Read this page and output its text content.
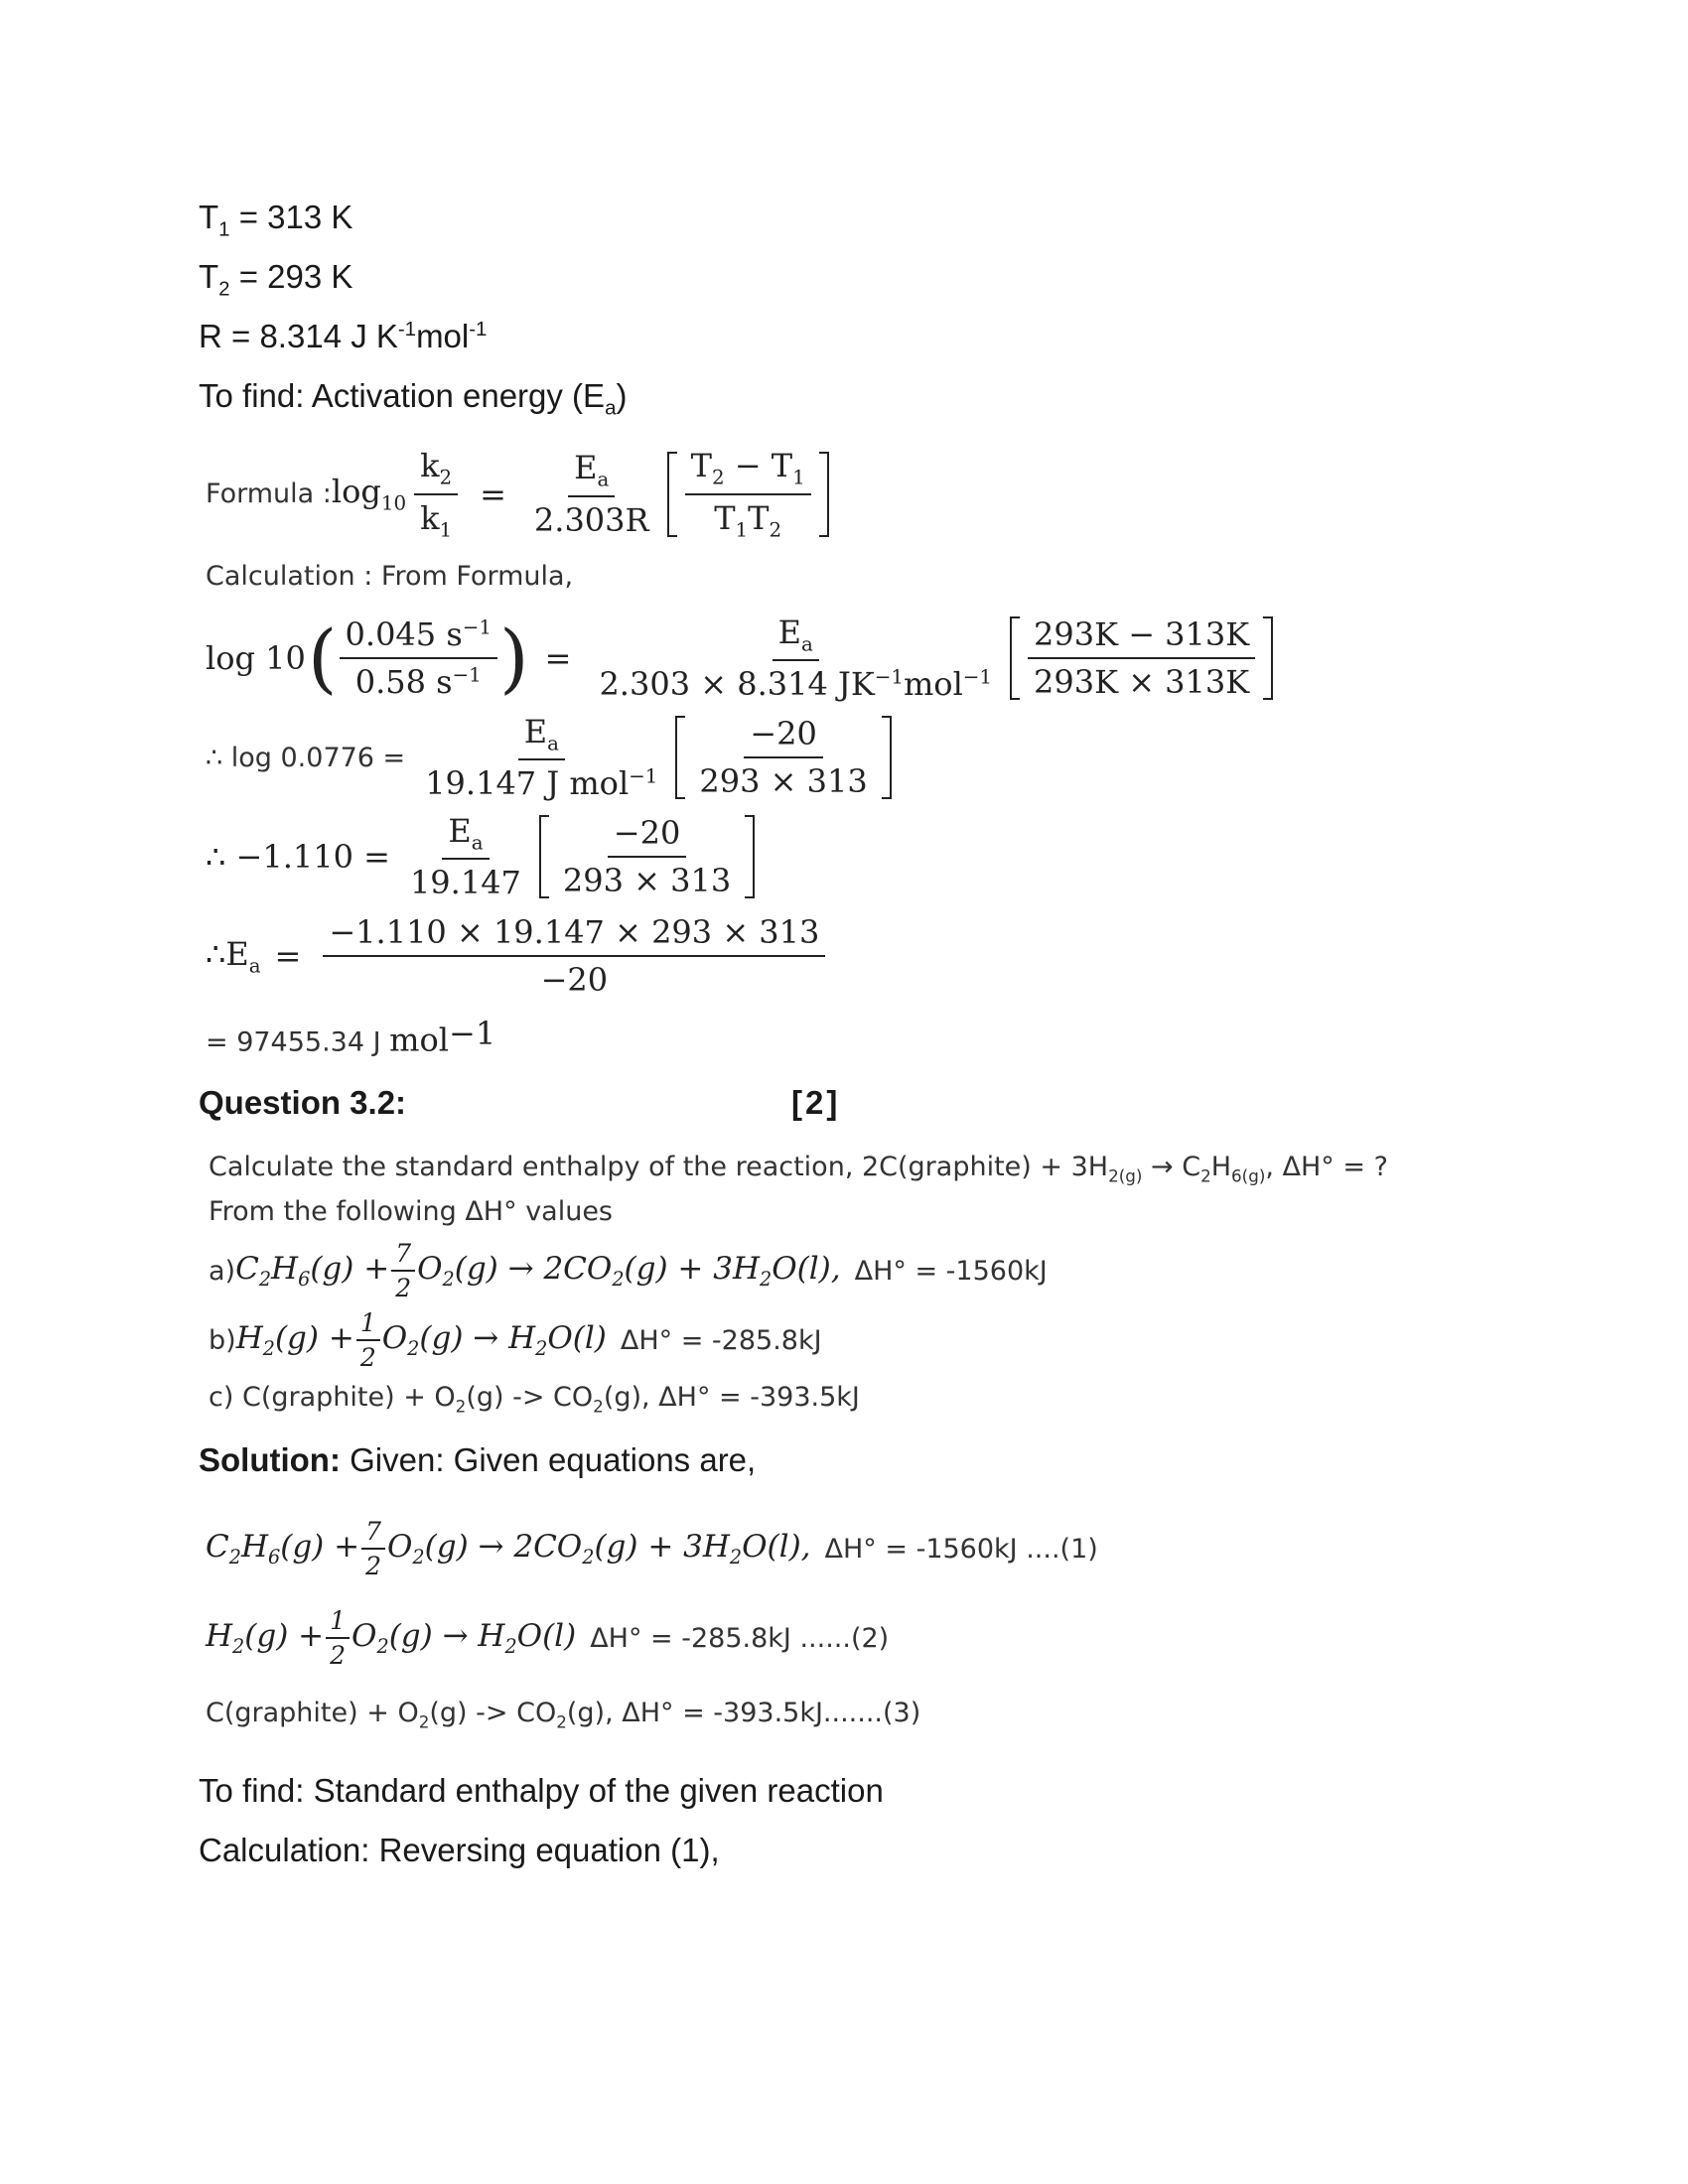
$T_1 = 313$ K
$T_2 = 293$ K
R = 8.314 J $K^{-1}mol^{-1}$
To find: Activation energy $(E_a)$
Formula : $\log_{10} \frac{k_2}{k_1} = \frac{E_a}{2.303R} \frac{T_2 - T_1}{T_1T_2}$
Calculation : From Formula,
log 10 ( $\frac{0.045 s^{-1}}{0.58 s^{-1}}$ ) = $\frac{E_a}{2.303 \times 8.314 JK^{-1}mol^{-1}} \frac{293K - 313K}{293K \times 313K}$
∴ $\log 0.0776 = \frac{E_a}{19.147 J mol^{-1}} \frac{-20}{293 \times 313}$
∴ $-1.110 = \frac{E_a}{19.147} \frac{-20}{293 \times 313}$
$\therefore E_a = \frac{-1.110 \times 19.147 \times 293 \times 313}{-20}$
= 97455.34 J mol$^{-1}$
Question 3.2:	[2]
Calculate the standard enthalpy of the reaction, 2C(graphite) + $3H_{2(g)} \to C_2H_{6(g)}$, ΔH° = ?
From the following ΔH° values
a) $C_2H_6(g) + \frac{7}{2} O_2(g) \to 2CO_2(g) + 3H_2O(l)$, ΔH° = -1560kJ
b) $H_2(g) + \frac{1}{2} O_2(g) \to H_2O(l) \Delta H^\circ = -285.8kJ$
c) C(graphite) + $O_2(g) -> CO_2(g)$, ΔH° = -393.5kJ
Solution: Given: Given equations are,
$C_2H_6(g) + \frac{7}{2} O_2(g) \to 2CO_2(g) + 3H_2O(l)$, ΔH° = -1560kJ ....(1)
$H_2(g) + \frac{1}{2} O_2(g) \to H_2O(l) \Delta H^\circ = -285.8kJ$ ......(2)
C(graphite) + $O_2(g) -> CO_2(g)$, ΔH° = -393.5kJ.......(3)
To find: Standard enthalpy of the given reaction
Calculation: Reversing equation (1),
